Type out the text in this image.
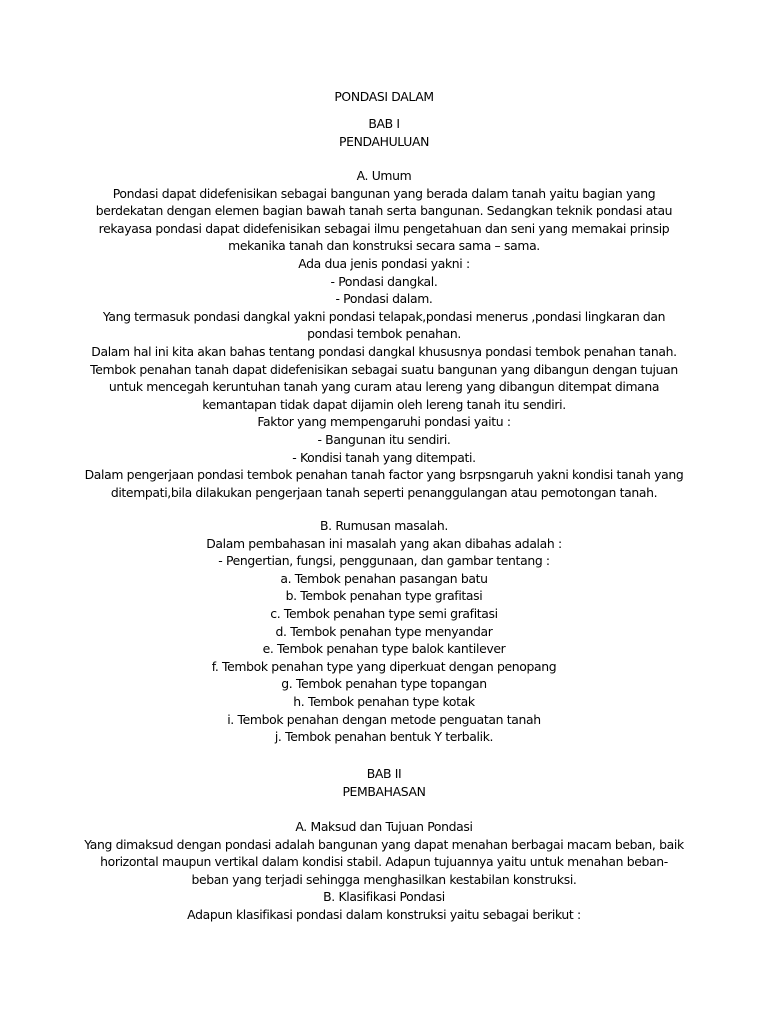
PONDASI DALAM
BAB I
PENDAHULUAN
A. Umum
Pondasi dapat didefenisikan sebagai bangunan yang berada dalam tanah yaitu bagian yang
berdekatan dengan elemen bagian bawah tanah serta bangunan. Sedangkan teknik pondasi atau
rekayasa pondasi dapat didefenisikan sebagai ilmu pengetahuan dan seni yang memakai prinsip
mekanika tanah dan konstruksi secara sama – sama.
Ada dua jenis pondasi yakni :
- Pondasi dangkal.
- Pondasi dalam.
Yang termasuk pondasi dangkal yakni pondasi telapak,pondasi menerus ,pondasi lingkaran dan
pondasi tembok penahan.
Dalam hal ini kita akan bahas tentang pondasi dangkal khususnya pondasi tembok penahan tanah.
Tembok penahan tanah dapat didefenisikan sebagai suatu bangunan yang dibangun dengan tujuan
untuk mencegah keruntuhan tanah yang curam atau lereng yang dibangun ditempat dimana
kemantapan tidak dapat dijamin oleh lereng tanah itu sendiri.
Faktor yang mempengaruhi pondasi yaitu :
- Bangunan itu sendiri.
- Kondisi tanah yang ditempati.
Dalam pengerjaan pondasi tembok penahan tanah factor yang bsrpsngaruh yakni kondisi tanah yang
ditempati,bila dilakukan pengerjaan tanah seperti penanggulangan atau pemotongan tanah.
B. Rumusan masalah.
Dalam pembahasan ini masalah yang akan dibahas adalah :
- Pengertian, fungsi, penggunaan, dan gambar tentang :
a. Tembok penahan pasangan batu
b. Tembok penahan type grafitasi
c. Tembok penahan type semi grafitasi
d. Tembok penahan type menyandar
e. Tembok penahan type balok kantilever
f. Tembok penahan type yang diperkuat dengan penopang
g. Tembok penahan type topangan
h. Tembok penahan type kotak
i. Tembok penahan dengan metode penguatan tanah
j. Tembok penahan bentuk Y terbalik.
BAB II
PEMBAHASAN
A. Maksud dan Tujuan Pondasi
Yang dimaksud dengan pondasi adalah bangunan yang dapat menahan berbagai macam beban, baik
horizontal maupun vertikal dalam kondisi stabil. Adapun tujuannya yaitu untuk menahan beban-
beban yang terjadi sehingga menghasilkan kestabilan konstruksi.
B. Klasifikasi Pondasi
Adapun klasifikasi pondasi dalam konstruksi yaitu sebagai berikut :
